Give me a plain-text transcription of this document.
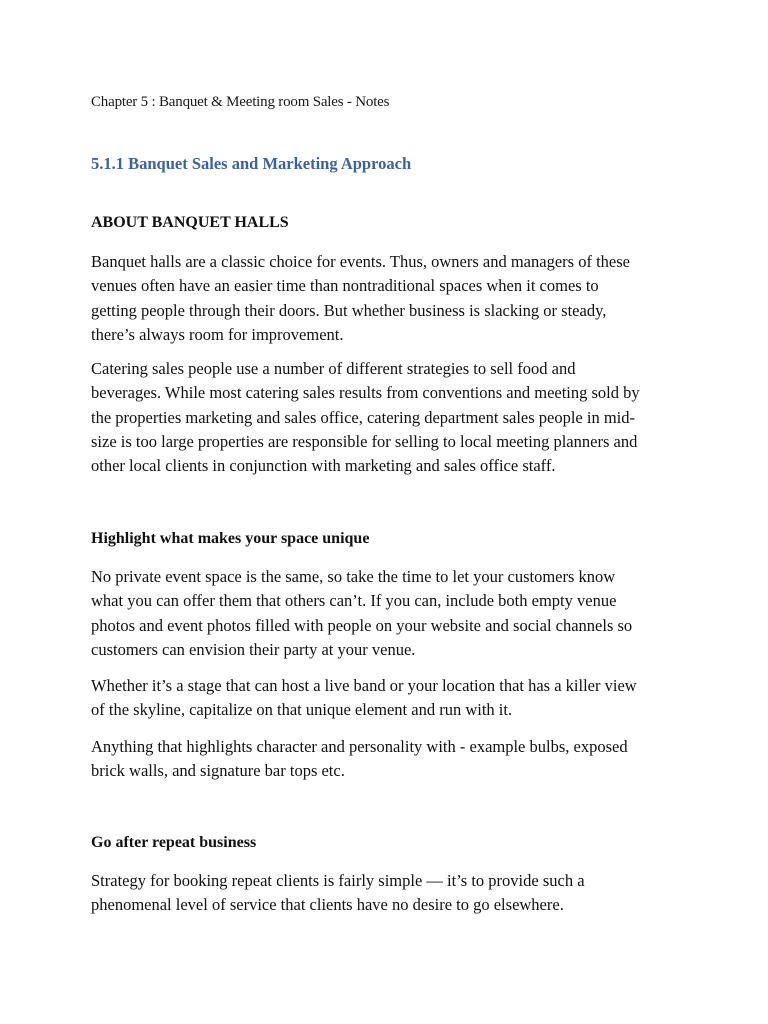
Chapter 5 : Banquet & Meeting room Sales - Notes
5.1.1 Banquet Sales and Marketing Approach
ABOUT BANQUET HALLS
Banquet halls are a classic choice for events. Thus, owners and managers of these
venues often have an easier time than nontraditional spaces when it comes to
getting people through their doors. But whether business is slacking or steady,
there’s always room for improvement.
Catering sales people use a number of different strategies to sell food and
beverages. While most catering sales results from conventions and meeting sold by
the properties marketing and sales office, catering department sales people in mid-
size is too large properties are responsible for selling to local meeting planners and
other local clients in conjunction with marketing and sales office staff.
Highlight what makes your space unique
No private event space is the same, so take the time to let your customers know
what you can offer them that others can’t. If you can, include both empty venue
photos and event photos filled with people on your website and social channels so
customers can envision their party at your venue.
Whether it’s a stage that can host a live band or your location that has a killer view
of the skyline, capitalize on that unique element and run with it.
Anything that highlights character and personality with - example bulbs, exposed
brick walls, and signature bar tops etc.
Go after repeat business
Strategy for booking repeat clients is fairly simple — it’s to provide such a
phenomenal level of service that clients have no desire to go elsewhere.
